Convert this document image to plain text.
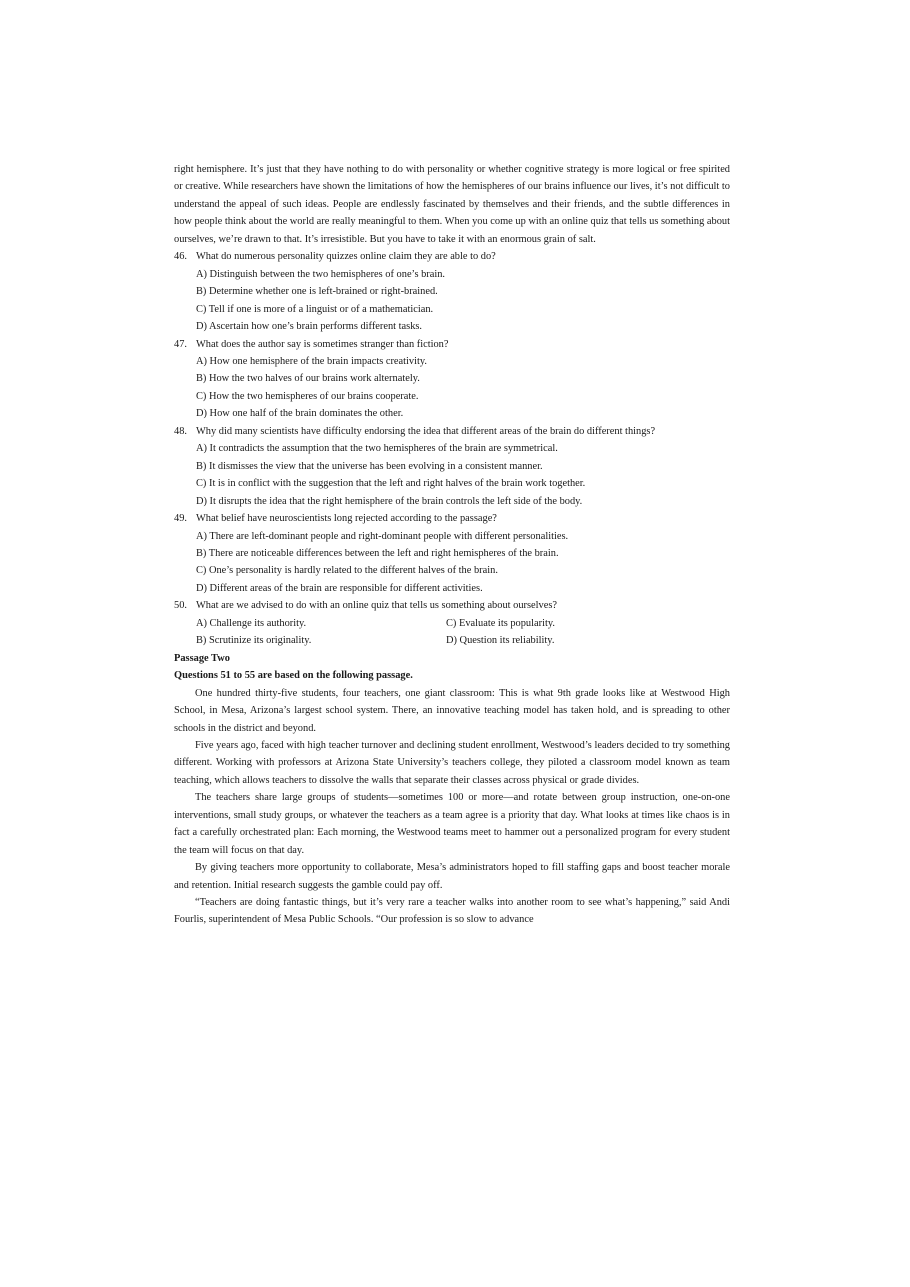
right hemisphere. It’s just that they have nothing to do with personality or whether cognitive strategy is more logical or free spirited or creative. While researchers have shown the limitations of how the hemispheres of our brains influence our lives, it’s not difficult to understand the appeal of such ideas. People are endlessly fascinated by themselves and their friends, and the subtle differences in how people think about the world are really meaningful to them. When you come up with an online quiz that tells us something about ourselves, we’re drawn to that. It’s irresistible. But you have to take it with an enormous grain of salt.

46. What do numerous personality quizzes online claim they are able to do?

A) Distinguish between the two hemispheres of one’s brain.

B) Determine whether one is left-brained or right-brained.

C) Tell if one is more of a linguist or of a mathematician.

D) Ascertain how one’s brain performs different tasks.

47. What does the author say is sometimes stranger than fiction?

A) How one hemisphere of the brain impacts creativity.

B) How the two halves of our brains work alternately.

C) How the two hemispheres of our brains cooperate.

D) How one half of the brain dominates the other.

48. Why did many scientists have difficulty endorsing the idea that different areas of the brain do different things?

A) It contradicts the assumption that the two hemispheres of the brain are symmetrical.

B) It dismisses the view that the universe has been evolving in a consistent manner.

C) It is in conflict with the suggestion that the left and right halves of the brain work together.

D) It disrupts the idea that the right hemisphere of the brain controls the left side of the body.

49. What belief have neuroscientists long rejected according to the passage?

A) There are left-dominant people and right-dominant people with different personalities.

B) There are noticeable differences between the left and right hemispheres of the brain.

C) One’s personality is hardly related to the different halves of the brain.

D) Different areas of the brain are responsible for different activities.

50. What are we advised to do with an online quiz that tells us something about ourselves?

A) Challenge its authority.	C) Evaluate its popularity.

B) Scrutinize its originality.	D) Question its reliability.

Passage Two

Questions 51 to 55 are based on the following passage.

One hundred thirty-five students, four teachers, one giant classroom: This is what 9th grade looks like at Westwood High School, in Mesa, Arizona’s largest school system. There, an innovative teaching model has taken hold, and is spreading to other schools in the district and beyond.

Five years ago, faced with high teacher turnover and declining student enrollment, Westwood’s leaders decided to try something different. Working with professors at Arizona State University’s teachers college, they piloted a classroom model known as team teaching, which allows teachers to dissolve the walls that separate their classes across physical or grade divides.

The teachers share large groups of students—sometimes 100 or more—and rotate between group instruction, one-on-one interventions, small study groups, or whatever the teachers as a team agree is a priority that day. What looks at times like chaos is in fact a carefully orchestrated plan: Each morning, the Westwood teams meet to hammer out a personalized program for every student the team will focus on that day.

By giving teachers more opportunity to collaborate, Mesa’s administrators hoped to fill staffing gaps and boost teacher morale and retention. Initial research suggests the gamble could pay off.

“Teachers are doing fantastic things, but it’s very rare a teacher walks into another room to see what’s happening,” said Andi Fourlis, superintendent of Mesa Public Schools. “Our profession is so slow to advance
